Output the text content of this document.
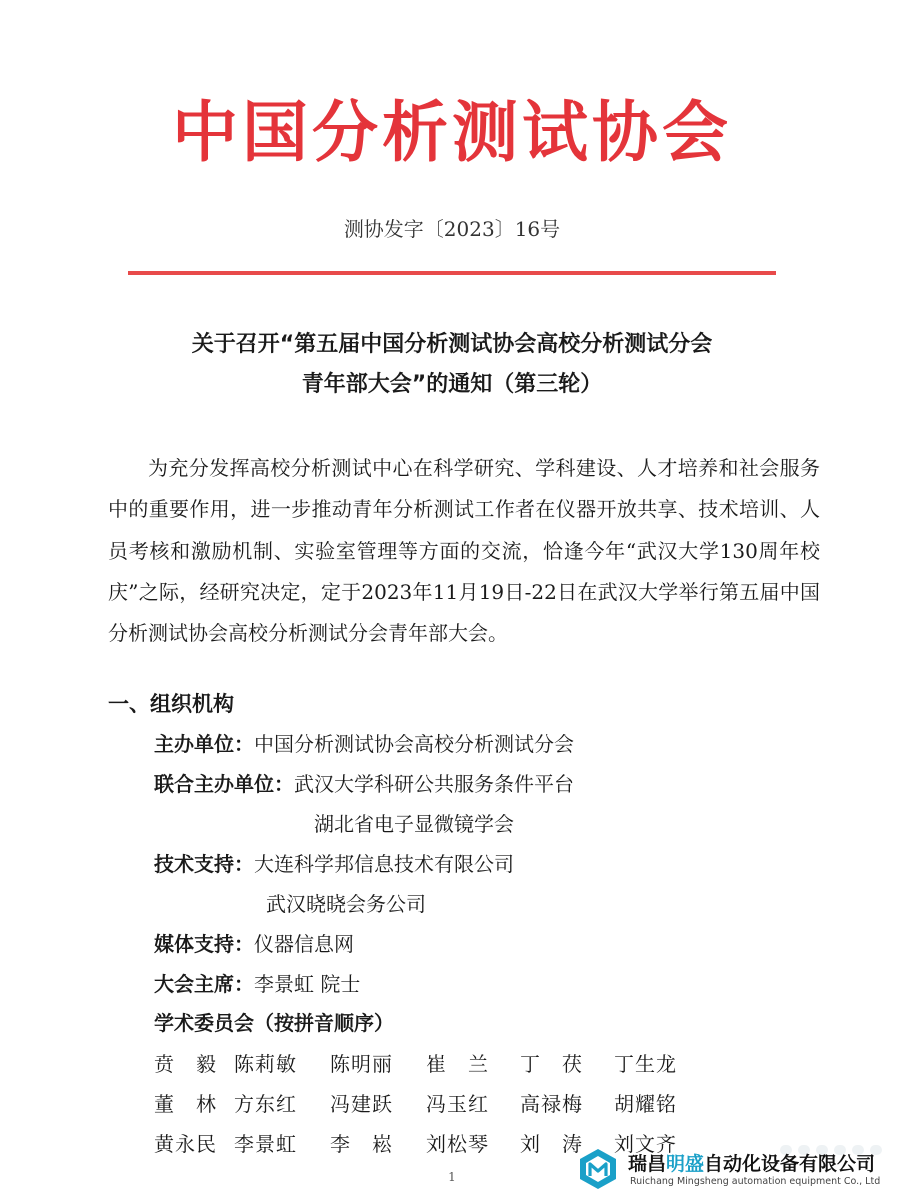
中国分析测试协会
测协发字〔2023〕16号
关于召开“第五届中国分析测试协会高校分析测试分会
青年部大会”的通知（第三轮）

为充分发挥高校分析测试中心在科学研究、学科建设、人才培养和社会服务中的重要作用，进一步推动青年分析测试工作者在仪器开放共享、技术培训、人员考核和激励机制、实验室管理等方面的交流，恰逢今年“武汉大学130周年校庆”之际，经研究决定，定于2023年11月19日-22日在武汉大学举行第五届中国分析测试协会高校分析测试分会青年部大会。

一、组织机构
主办单位：中国分析测试协会高校分析测试分会
联合主办单位：武汉大学科研公共服务条件平台
湖北省电子显微镜学会
技术支持：大连科学邦信息技术有限公司
武汉晓晓会务公司
媒体支持：仪器信息网
大会主席：李景虹 院士
学术委员会（按拼音顺序）
贲　毅 陈莉敏 陈明丽 崔　兰 丁　茯 丁生龙
董　林 方东红 冯建跃 冯玉红 高禄梅 胡耀铭
黄永民 李景虹 李　崧 刘松琴 刘　涛 刘文齐
1
瑞昌明盛自动化设备有限公司
Ruichang Mingsheng automation equipment Co., Ltd
